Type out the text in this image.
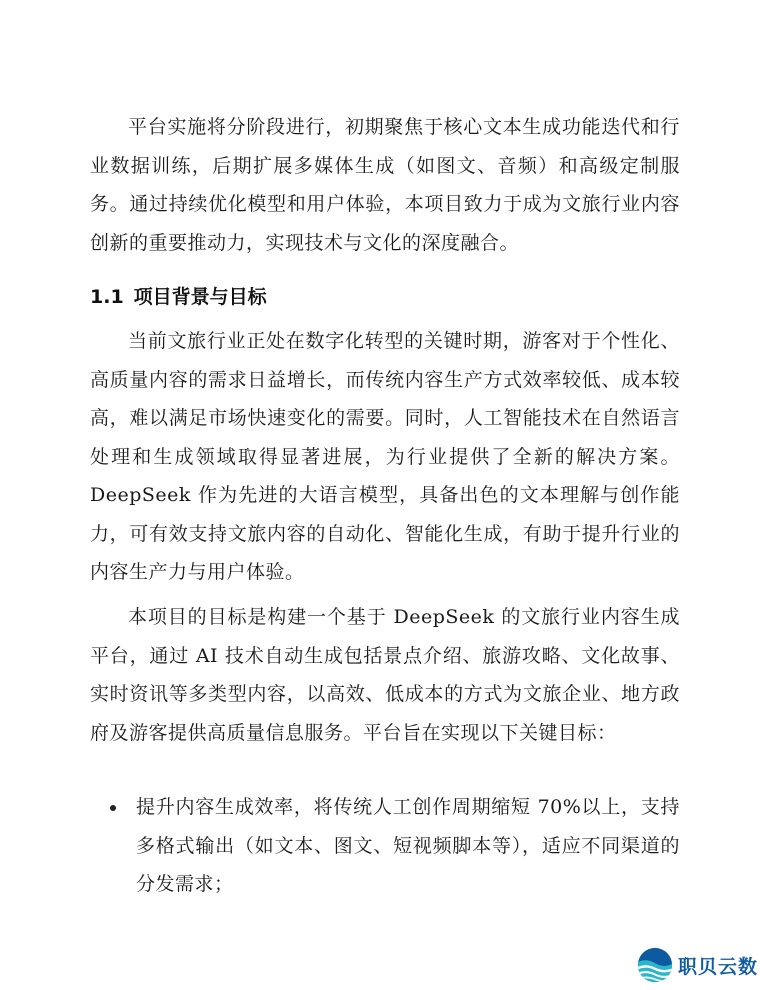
平台实施将分阶段进行，初期聚焦于核心文本生成功能迭代和行业数据训练，后期扩展多媒体生成（如图文、音频）和高级定制服务。通过持续优化模型和用户体验，本项目致力于成为文旅行业内容创新的重要推动力，实现技术与文化的深度融合。

1.1 项目背景与目标

当前文旅行业正处在数字化转型的关键时期，游客对于个性化、高质量内容的需求日益增长，而传统内容生产方式效率较低、成本较高，难以满足市场快速变化的需要。同时，人工智能技术在自然语言处理和生成领域取得显著进展，为行业提供了全新的解决方案。DeepSeek 作为先进的大语言模型，具备出色的文本理解与创作能力，可有效支持文旅内容的自动化、智能化生成，有助于提升行业的内容生产力与用户体验。

本项目的目标是构建一个基于 DeepSeek 的文旅行业内容生成平台，通过 AI 技术自动生成包括景点介绍、旅游攻略、文化故事、实时资讯等多类型内容，以高效、低成本的方式为文旅企业、地方政府及游客提供高质量信息服务。平台旨在实现以下关键目标：

提升内容生成效率，将传统人工创作周期缩短 70%以上，支持多格式输出（如文本、图文、短视频脚本等），适应不同渠道的分发需求；
职贝云数
